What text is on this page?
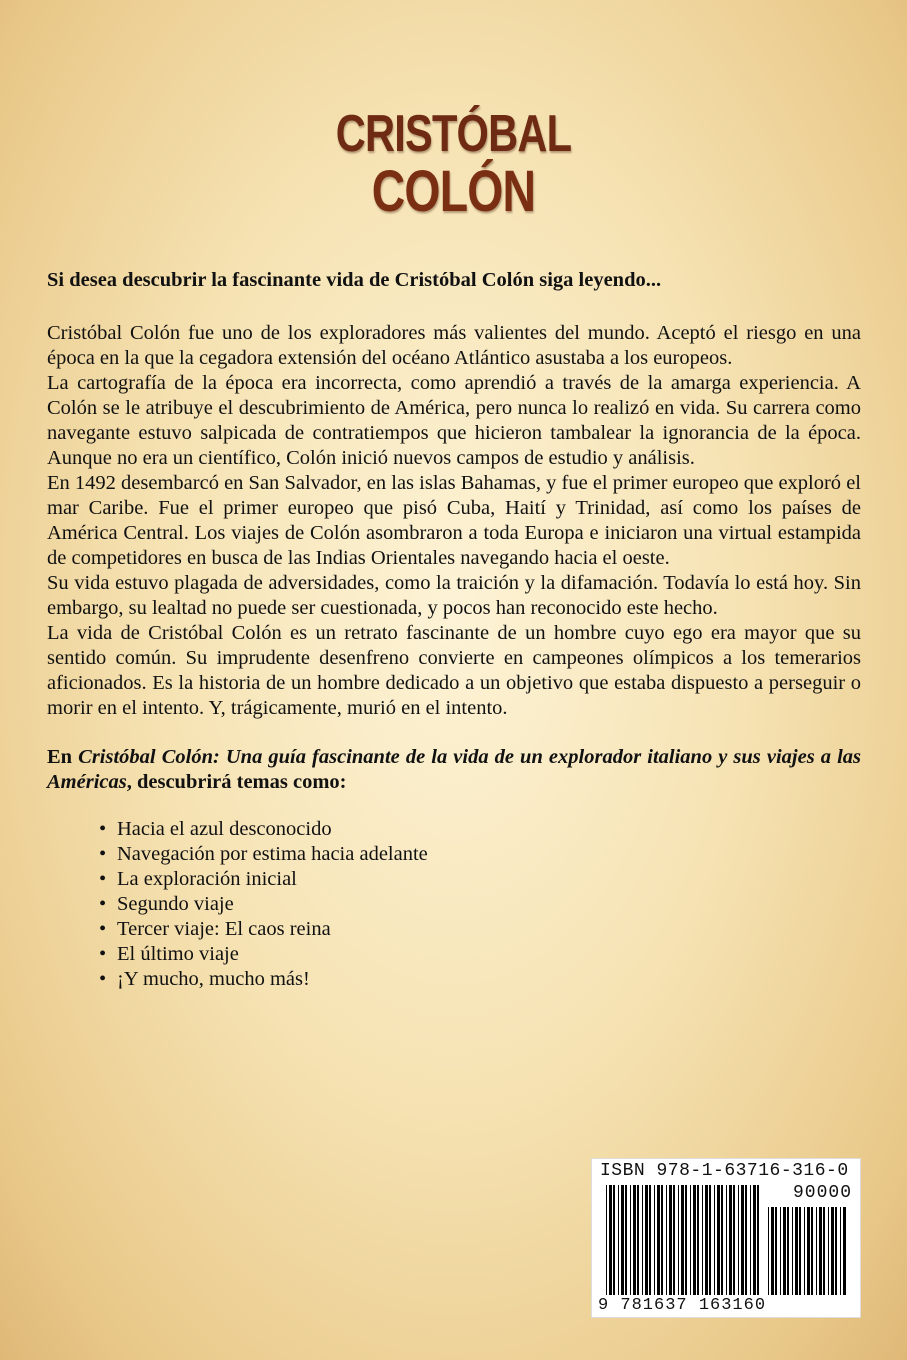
CRISTÓBAL
COLÓN

Si desea descubrir la fascinante vida de Cristóbal Colón siga leyendo...

Cristóbal Colón fue uno de los exploradores más valientes del mundo. Aceptó el riesgo en una época en la que la cegadora extensión del océano Atlántico asustaba a los europeos.

La cartografía de la época era incorrecta, como aprendió a través de la amarga experiencia. A Colón se le atribuye el descubrimiento de América, pero nunca lo realizó en vida. Su carrera como navegante estuvo salpicada de contratiempos que hicieron tambalear la ignorancia de la época. Aunque no era un científico, Colón inició nuevos campos de estudio y análisis.

En 1492 desembarcó en San Salvador, en las islas Bahamas, y fue el primer europeo que exploró el mar Caribe. Fue el primer europeo que pisó Cuba, Haití y Trinidad, así como los países de América Central. Los viajes de Colón asombraron a toda Europa e iniciaron una virtual estampida de competidores en busca de las Indias Orientales navegando hacia el oeste.

Su vida estuvo plagada de adversidades, como la traición y la difamación. Todavía lo está hoy. Sin embargo, su lealtad no puede ser cuestionada, y pocos han reconocido este hecho.

La vida de Cristóbal Colón es un retrato fascinante de un hombre cuyo ego era mayor que su sentido común. Su imprudente desenfreno convierte en campeones olímpicos a los temerarios aficionados. Es la historia de un hombre dedicado a un objetivo que estaba dispuesto a perseguir o morir en el intento. Y, trágicamente, murió en el intento.

En Cristóbal Colón: Una guía fascinante de la vida de un explorador italiano y sus viajes a las Américas, descubrirá temas como:

• Hacia el azul desconocido
• Navegación por estima hacia adelante
• La exploración inicial
• Segundo viaje
• Tercer viaje: El caos reina
• El último viaje
• ¡Y mucho, mucho más!
ISBN 978-1-63716-316-0
90000
9 781637 163160
